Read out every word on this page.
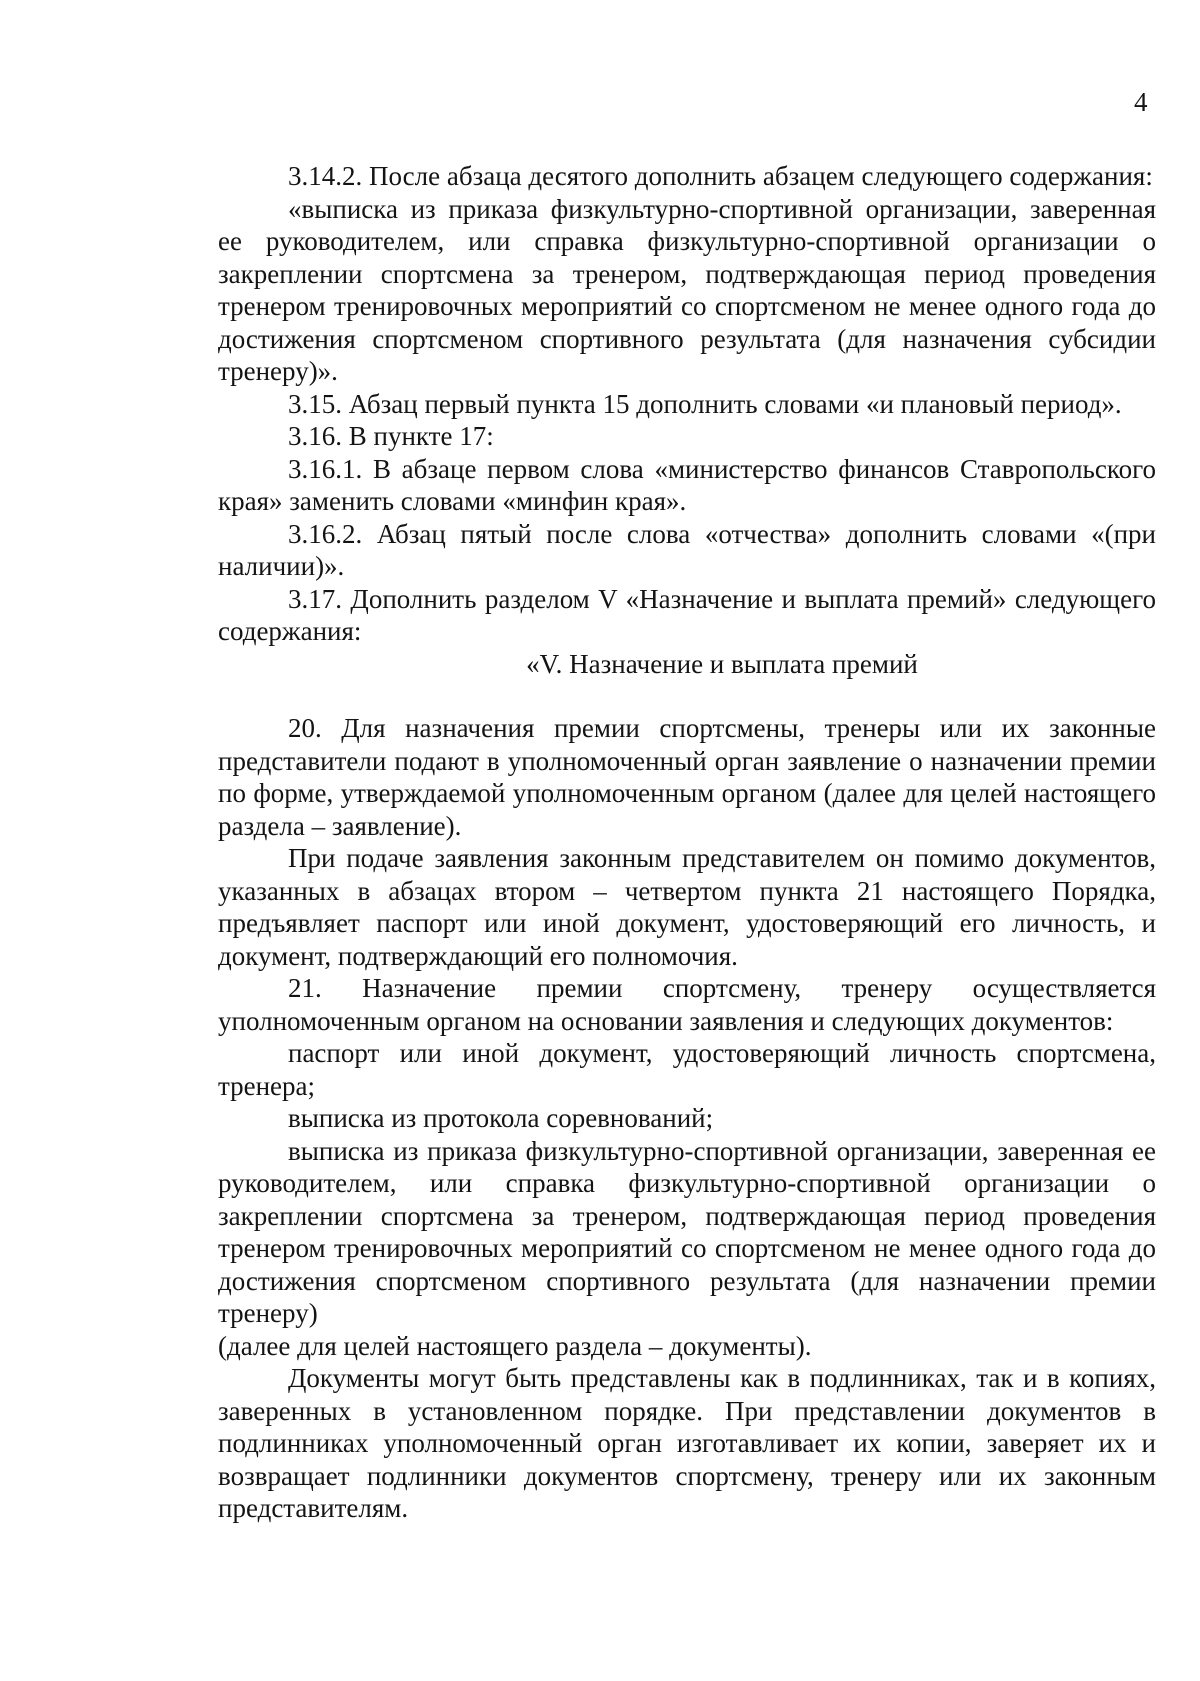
4

3.14.2. После абзаца десятого дополнить абзацем следующего содержания:

«выписка из приказа физкультурно-спортивной организации, заверенная ее руководителем, или справка физкультурно-спортивной организации о закреплении спортсмена за тренером, подтверждающая период проведения тренером тренировочных мероприятий со спортсменом не менее одного года до достижения спортсменом спортивного результата (для назначения субсидии тренеру)».

3.15. Абзац первый пункта 15 дополнить словами «и плановый период».

3.16. В пункте 17:

3.16.1. В абзаце первом слова «министерство финансов Ставропольского края» заменить словами «минфин края».

3.16.2. Абзац пятый после слова «отчества» дополнить словами «(при наличии)».

3.17. Дополнить разделом V «Назначение и выплата премий» следующего содержания:

«V. Назначение и выплата премий

20. Для назначения премии спортсмены, тренеры или их законные представители подают в уполномоченный орган заявление о назначении премии по форме, утверждаемой уполномоченным органом (далее для целей настоящего раздела – заявление).

При подаче заявления законным представителем он помимо документов, указанных в абзацах втором – четвертом пункта 21 настоящего Порядка, предъявляет паспорт или иной документ, удостоверяющий его личность, и документ, подтверждающий его полномочия.

21. Назначение премии спортсмену, тренеру осуществляется уполномоченным органом на основании заявления и следующих документов:

паспорт или иной документ, удостоверяющий личность спортсмена, тренера;

выписка из протокола соревнований;

выписка из приказа физкультурно-спортивной организации, заверенная ее руководителем, или справка физкультурно-спортивной организации о закреплении спортсмена за тренером, подтверждающая период проведения тренером тренировочных мероприятий со спортсменом не менее одного года до достижения спортсменом спортивного результата (для назначении премии тренеру)

(далее для целей настоящего раздела – документы).

Документы могут быть представлены как в подлинниках, так и в копиях, заверенных в установленном порядке. При представлении документов в подлинниках уполномоченный орган изготавливает их копии, заверяет их и возвращает подлинники документов спортсмену, тренеру или их законным представителям.
